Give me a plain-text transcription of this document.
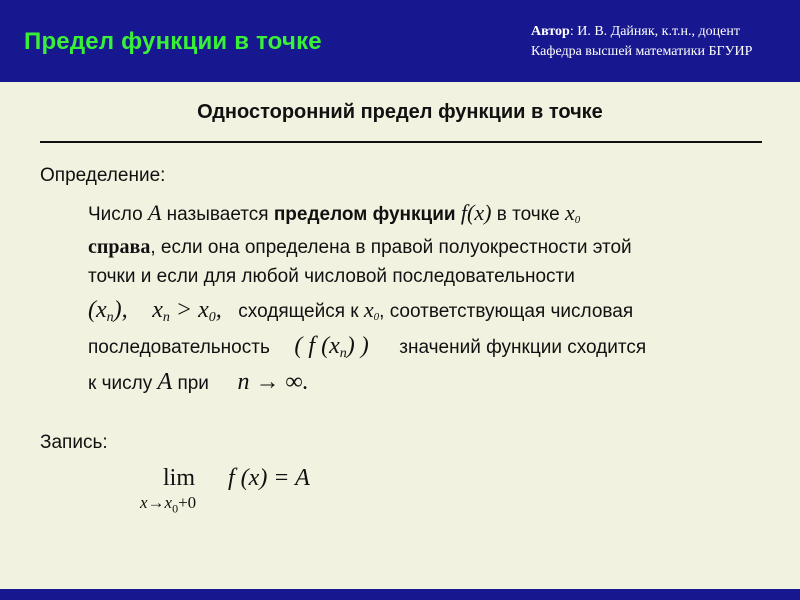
Предел функции в точке	Автор: И. В. Дайняк, к.т.н., доцент
Кафедра высшей математики БГУИР
Односторонний предел функции в точке
Определение:
Число A называется пределом функции f(x) в точке $x_0$
справа, если она определена в правой полуокрестности этой
точки и если для любой числовой последовательности
$(x_n)$, $x_n > x_0$, сходящейся к $x_0$, соответствующая числовая
последовательность ( f $(x_n)$ ) значений функции сходится
к числу A при n → ∞.
Запись:
lim
$x\to x_0+0$
f (x) = A
